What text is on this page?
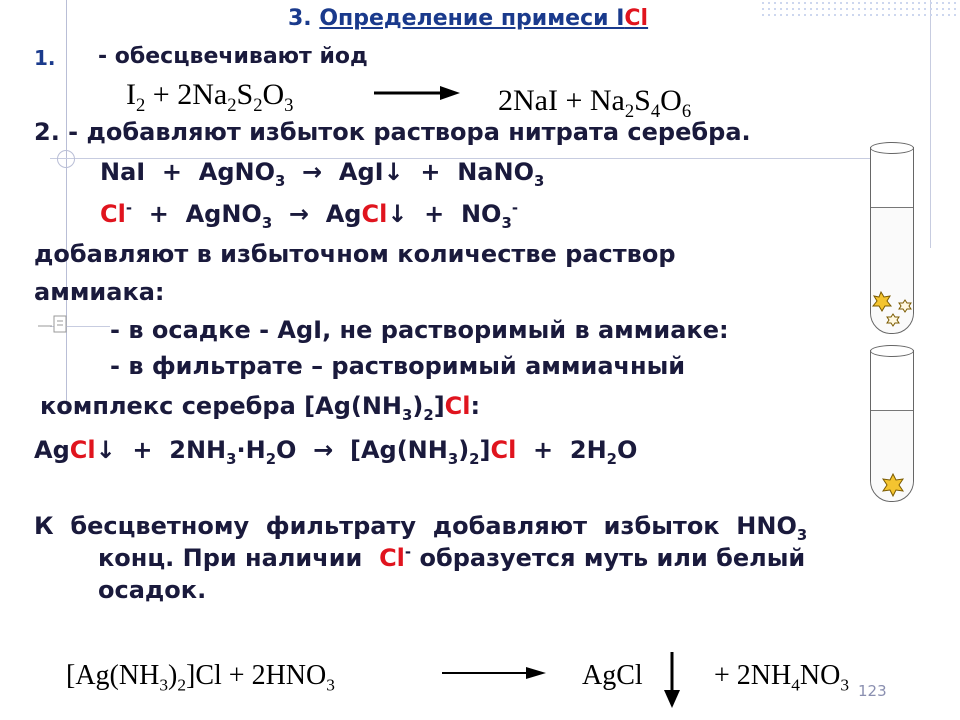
3. Определение примеси ICl
1. - обесцвечивают йод
$I_2 + 2Na_2S_2O_3$	$2NaI + Na_2S_4O_6$
2. - добавляют избыток раствора нитрата серебра.
NaI  +  AgNO$_3$  →  AgI↓  +  NaNO$_3$
Cl-  +  AgNO$_3$  →  AgCl↓  +  $NO_3^-$
добавляют в избыточном количестве раствор
аммиака:
- в осадке - AgI, не растворимый в аммиаке:
- в фильтрате – растворимый аммиачный
комплекс серебра $[Ag(NH_3)_2]Cl$:
AgCl↓  +  $2NH_3\cdot H_2O \to [Ag(NH_3)_2]Cl + 2H_2O$
К  бесцветному  фильтрату  добавляют  избыток  $HNO_3$
конц. При наличии  Cl- образуется муть или белый
осадок.
$[Ag(NH_3)_2]Cl + 2HNO_3$	AgCl	+ $2NH_4NO_3$ 123
